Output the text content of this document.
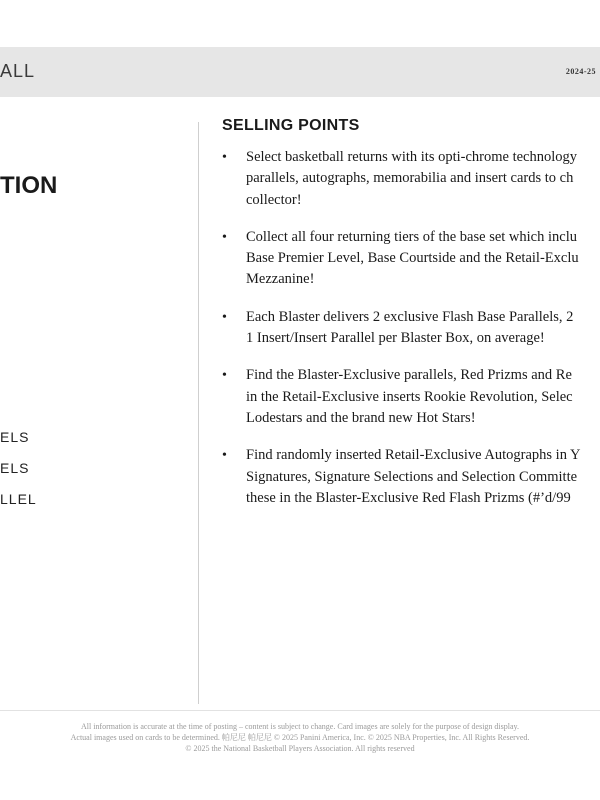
ALL	2024-25
TION
ELS
ELS
LLEL
SELLING POINTS
• Select basketball returns with its opti-chrome technology
parallels, autographs, memorabilia and insert cards to ch
collector!
• Collect all four returning tiers of the base set which inclu
Base Premier Level, Base Courtside and the Retail-Exclu
Mezzanine!
• Each Blaster delivers 2 exclusive Flash Base Parallels, 2
1 Insert/Insert Parallel per Blaster Box, on average!
• Find the Blaster-Exclusive parallels, Red Prizms and Re
in the Retail-Exclusive inserts Rookie Revolution, Selec
Lodestars and the brand new Hot Stars!
• Find randomly inserted Retail-Exclusive Autographs in Y
Signatures, Signature Selections and Selection Committe
these in the Blaster-Exclusive Red Flash Prizms (#’d/99
All information is accurate at the time of posting – content is subject to change. Card images are solely for the purpose of design display.
Actual images used on cards to be determined. 帕尼尼 帕尼尼 © 2025 Panini America, Inc. © 2025 NBA Properties, Inc. All Rights Reserved.
© 2025 the National Basketball Players Association. All rights reserved
